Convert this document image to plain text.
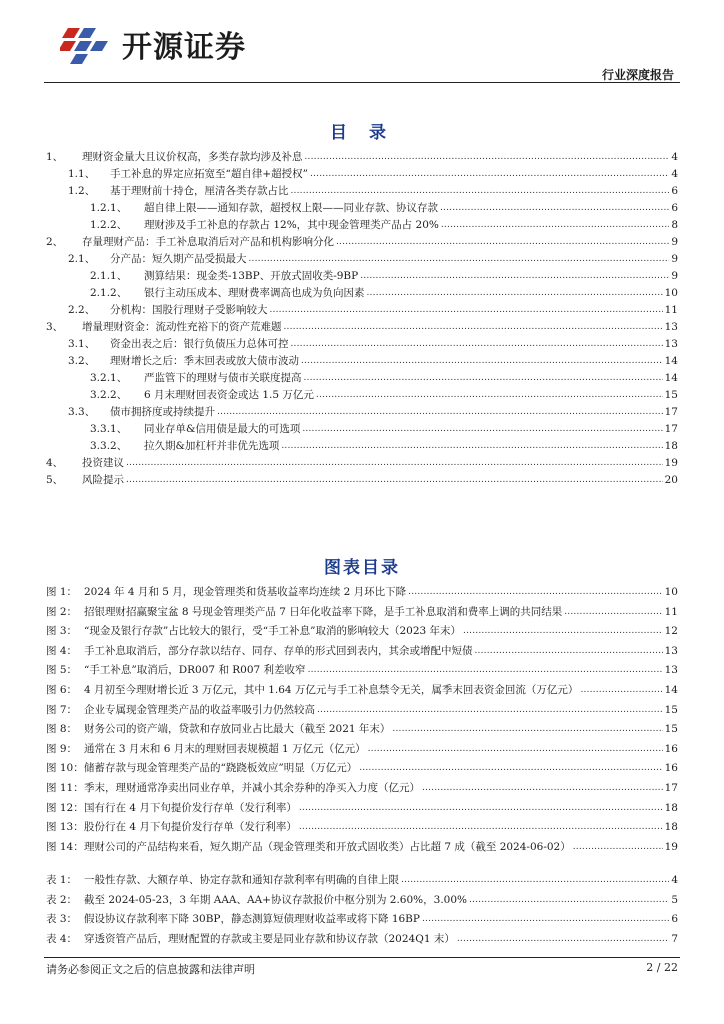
开源证券
行业深度报告
目 录
1、	理财资金量大且议价权高，多类存款均涉及补息 .....	4
1.1、	手工补息的界定应拓宽至“超自律+超授权” .....	4
1.2、	基于理财前十持仓，厘清各类存款占比 .....	6
1.2.1、	超自律上限——通知存款，超授权上限——同业存款、协议存款 .....	6
1.2.2、	理财涉及手工补息的存款占 12%，其中现金管理类产品占 20% .....	8
2、	存量理财产品：手工补息取消后对产品和机构影响分化 .....	9
2.1、	分产品：短久期产品受损最大 .....	9
2.1.1、	测算结果：现金类-13BP、开放式固收类-9BP .....	9
2.1.2、	银行主动压成本、理财费率调高也成为负向因素 .....	10
2.2、	分机构：国股行理财子受影响较大 .....	11
3、	增量理财资金：流动性充裕下的资产荒难题 .....	13
3.1、	资金出表之后：银行负债压力总体可控 .....	13
3.2、	理财增长之后：季末回表或放大债市波动 .....	14
3.2.1、	严监管下的理财与债市关联度提高 .....	14
3.2.2、	6 月末理财回表资金或达 1.5 万亿元 .....	15
3.3、	债市拥挤度或持续提升 .....	17
3.3.1、	同业存单&信用债是最大的可选项 .....	17
3.3.2、	拉久期&加杠杆并非优先选项 .....	18
4、	投资建议 .....	19
5、	风险提示 .....	20
图表目录
图 1： 2024 年 4 月和 5 月，现金管理类和货基收益率均连续 2 月环比下降 .....	10
图 2： 招银理财招赢聚宝盆 8 号现金管理类产品 7 日年化收益率下降，是手工补息取消和费率上调的共同结果 .....	11
图 3： “现金及银行存款”占比较大的银行，受“手工补息”取消的影响较大（2023 年末） .....	12
图 4： 手工补息取消后，部分存款以结存、同存、存单的形式回到表内，其余或增配中短债 .....	13
图 5： “手工补息”取消后，DR007 和 R007 利差收窄 .....	13
图 6： 4 月初至今理财增长近 3 万亿元，其中 1.64 万亿元与手工补息禁令无关，属季末回表资金回流（万亿元） .....	14
图 7： 企业专属现金管理类产品的收益率吸引力仍然较高 .....	15
图 8： 财务公司的资产端，贷款和存放同业占比最大（截至 2021 年末） .....	15
图 9： 通常在 3 月末和 6 月末的理财回表规模超 1 万亿元（亿元） .....	16
图 10： 储蓄存款与现金管理类产品的“跷跷板效应”明显（万亿元） .....	16
图 11： 季末，理财通常净卖出同业存单，并减小其余券种的净买入力度（亿元） .....	17
图 12： 国有行在 4 月下旬提价发行存单（发行利率） .....	18
图 13： 股份行在 4 月下旬提价发行存单（发行利率） .....	18
图 14： 理财公司的产品结构来看，短久期产品（现金管理类和开放式固收类）占比超 7 成（截至 2024-06-02） .....	19
表 1： 一般性存款、大额存单、协定存款和通知存款利率有明确的自律上限 .....	4
表 2： 截至 2024-05-23，3 年期 AAA、AA+协议存款报价中枢分别为 2.60%，3.00% .....	5
表 3： 假设协议存款利率下降 30BP，静态测算短债理财收益率或将下降 16BP .....	6
表 4： 穿透资管产品后，理财配置的存款或主要是同业存款和协议存款（2024Q1 末） .....	7
请务必参阅正文之后的信息披露和法律声明	2 / 22
